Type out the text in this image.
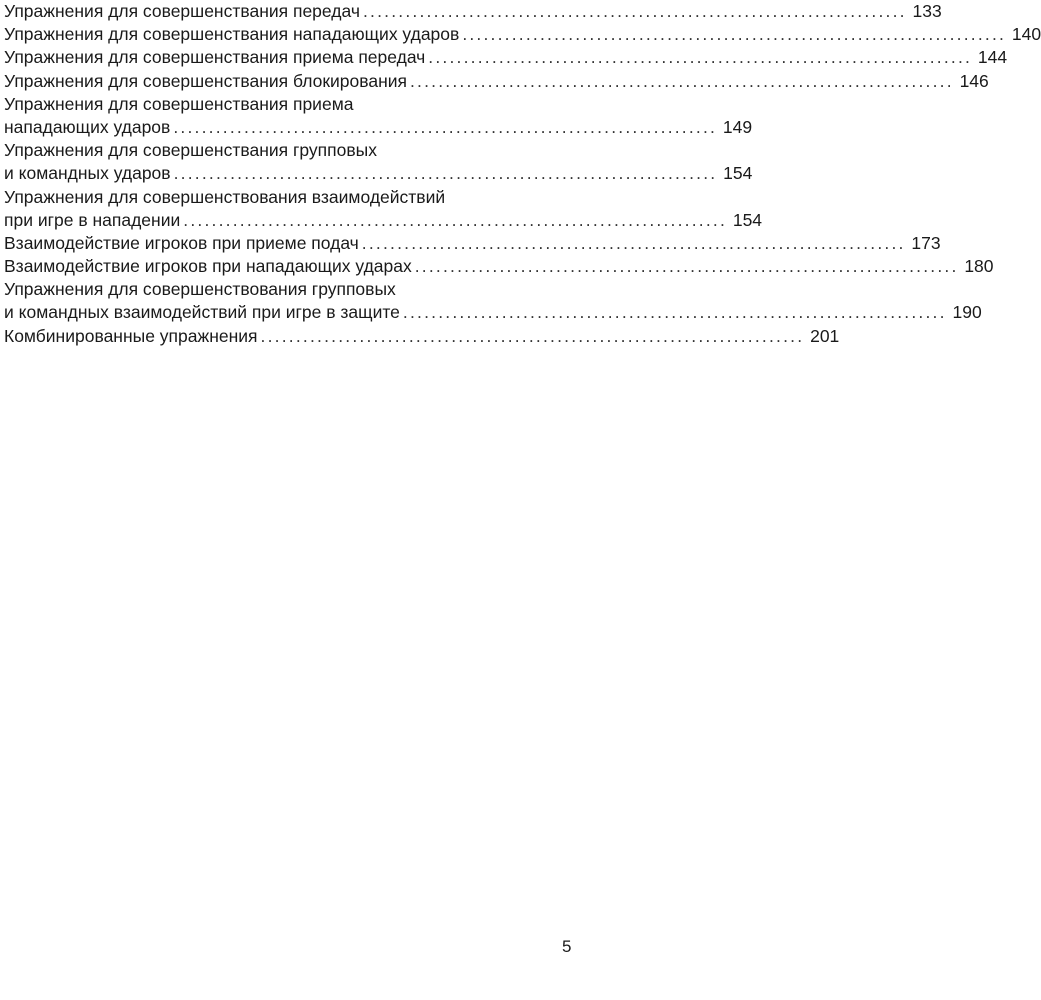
Упражнения для совершенствания передач ............................................................................. 133
Упражнения для совершенствания нападающих ударов ............................................................................. 140
Упражнения для совершенствания приема передач ............................................................................. 144
Упражнения для совершенствания блокирования ............................................................................. 146
Упражнения для совершенствания приема
нападающих ударов ............................................................................. 149
Упражнения для совершенствания групповых
и командных ударов ............................................................................. 154
Упражнения для совершенствования взаимодействий
при игре в нападении ............................................................................. 154
Взаимодействие игроков при приеме подач ............................................................................. 173
Взаимодействие игроков при нападающих ударах ............................................................................. 180
Упражнения для совершенствования групповых
и командных взаимодействий при игре в защите ............................................................................. 190
Комбинированные упражнения ............................................................................. 201
5
